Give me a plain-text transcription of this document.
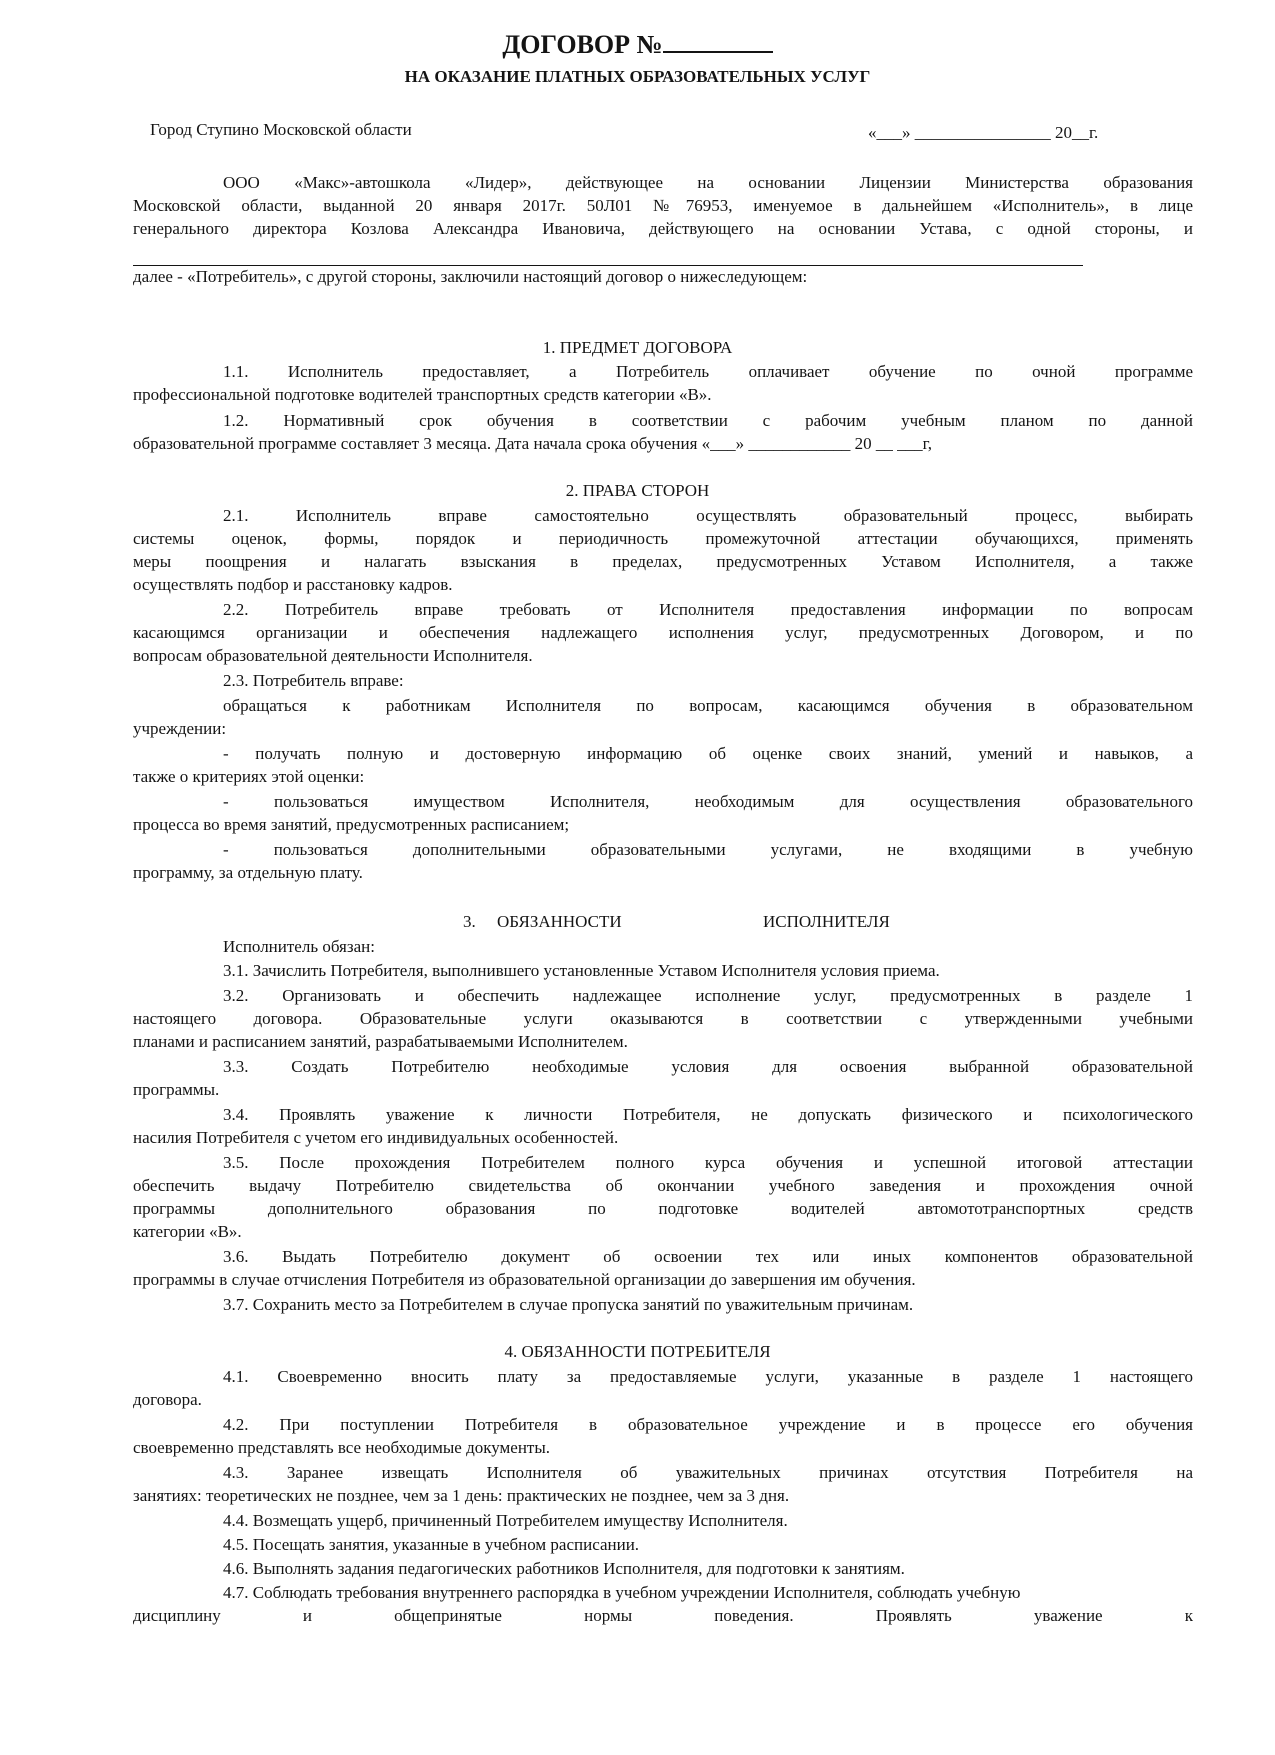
ДОГОВОР №
НА ОКАЗАНИЕ ПЛАТНЫХ ОБРАЗОВАТЕЛЬНЫХ УСЛУГ
Город Ступино Московской области	«___» ________________ 20__г.
ООО «Макс»-автошкола «Лидер», действующее на основании Лицензии Министерства образования
Московской области, выданной 20 января 2017г. 50Л01 №76953, именуемое в дальнейшем «Исполнитель», в лице
генерального директора Козлова Александра Ивановича, действующего на основании Устава, с одной стороны, и
далее - «Потребитель», с другой стороны, заключили настоящий договор о нижеследующем:
1. ПРЕДМЕТ ДОГОВОРА
1.1. Исполнитель предоставляет, а Потребитель оплачивает обучение по очной программе
профессиональной подготовке водителей транспортных средств категории «В».
1.2. Нормативный срок обучения в соответствии с рабочим учебным планом по данной
образовательной программе составляет 3 месяца. Дата начала срока обучения «___» ____________ 20 __ ___г,
2. ПРАВА СТОРОН
2.1. Исполнитель вправе самостоятельно осуществлять образовательный процесс, выбирать
системы оценок, формы, порядок и периодичность промежуточной аттестации обучающихся, применять
меры поощрения и налагать взыскания в пределах, предусмотренных Уставом Исполнителя, а также
осуществлять подбор и расстановку кадров.
2.2. Потребитель вправе требовать от Исполнителя предоставления информации по вопросам
касающимся организации и обеспечения надлежащего исполнения услуг, предусмотренных Договором, и по
вопросам образовательной деятельности Исполнителя.
2.3. Потребитель вправе:
обращаться к работникам Исполнителя по вопросам, касающимся обучения в образовательном
учреждении:
- получать полную и достоверную информацию об оценке своих знаний, умений и навыков, а
также о критериях этой оценки:
- пользоваться имуществом Исполнителя, необходимым для осуществления образовательного
процесса во время занятий, предусмотренных расписанием;
- пользоваться дополнительными образовательными услугами, не входящими в учебную
программу, за отдельную плату.
3. ОБЯЗАННОСТИ	ИСПОЛНИТЕЛЯ
Исполнитель обязан:
3.1. Зачислить Потребителя, выполнившего установленные Уставом Исполнителя условия приема.
3.2. Организовать и обеспечить надлежащее исполнение услуг, предусмотренных в разделе 1
настоящего договора. Образовательные услуги оказываются в соответствии с утвержденными учебными
планами и расписанием занятий, разрабатываемыми Исполнителем.
3.3. Создать Потребителю необходимые условия для освоения выбранной образовательной
программы.
3.4. Проявлять уважение к личности Потребителя, не допускать физического и психологического
насилия Потребителя с учетом его индивидуальных особенностей.
3.5. После прохождения Потребителем полного курса обучения и успешной итоговой аттестации
обеспечить выдачу Потребителю свидетельства об окончании учебного заведения и прохождения очной
программы дополнительного образования по подготовке водителей автомототранспортных средств
категории «В».
3.6. Выдать Потребителю документ об освоении тех или иных компонентов образовательной
программы в случае отчисления Потребителя из образовательной организации до завершения им обучения.
3.7. Сохранить место за Потребителем в случае пропуска занятий по уважительным причинам.
4. ОБЯЗАННОСТИ ПОТРЕБИТЕЛЯ
4.1. Своевременно вносить плату за предоставляемые услуги, указанные в разделе 1 настоящего
договора.
4.2. При поступлении Потребителя в образовательное учреждение и в процессе его обучения
своевременно представлять все необходимые документы.
4.3. Заранее извещать Исполнителя об уважительных причинах отсутствия Потребителя на
занятиях: теоретических не позднее, чем за 1 день: практических не позднее, чем за 3 дня.
4.4. Возмещать ущерб, причиненный Потребителем имуществу Исполнителя.
4.5. Посещать занятия, указанные в учебном расписании.
4.6. Выполнять задания педагогических работников Исполнителя, для подготовки к занятиям.
4.7. Соблюдать требования внутреннего распорядка в учебном учреждении Исполнителя, соблюдать учебную
дисциплину и общепринятые нормы поведения. Проявлять уважение к
